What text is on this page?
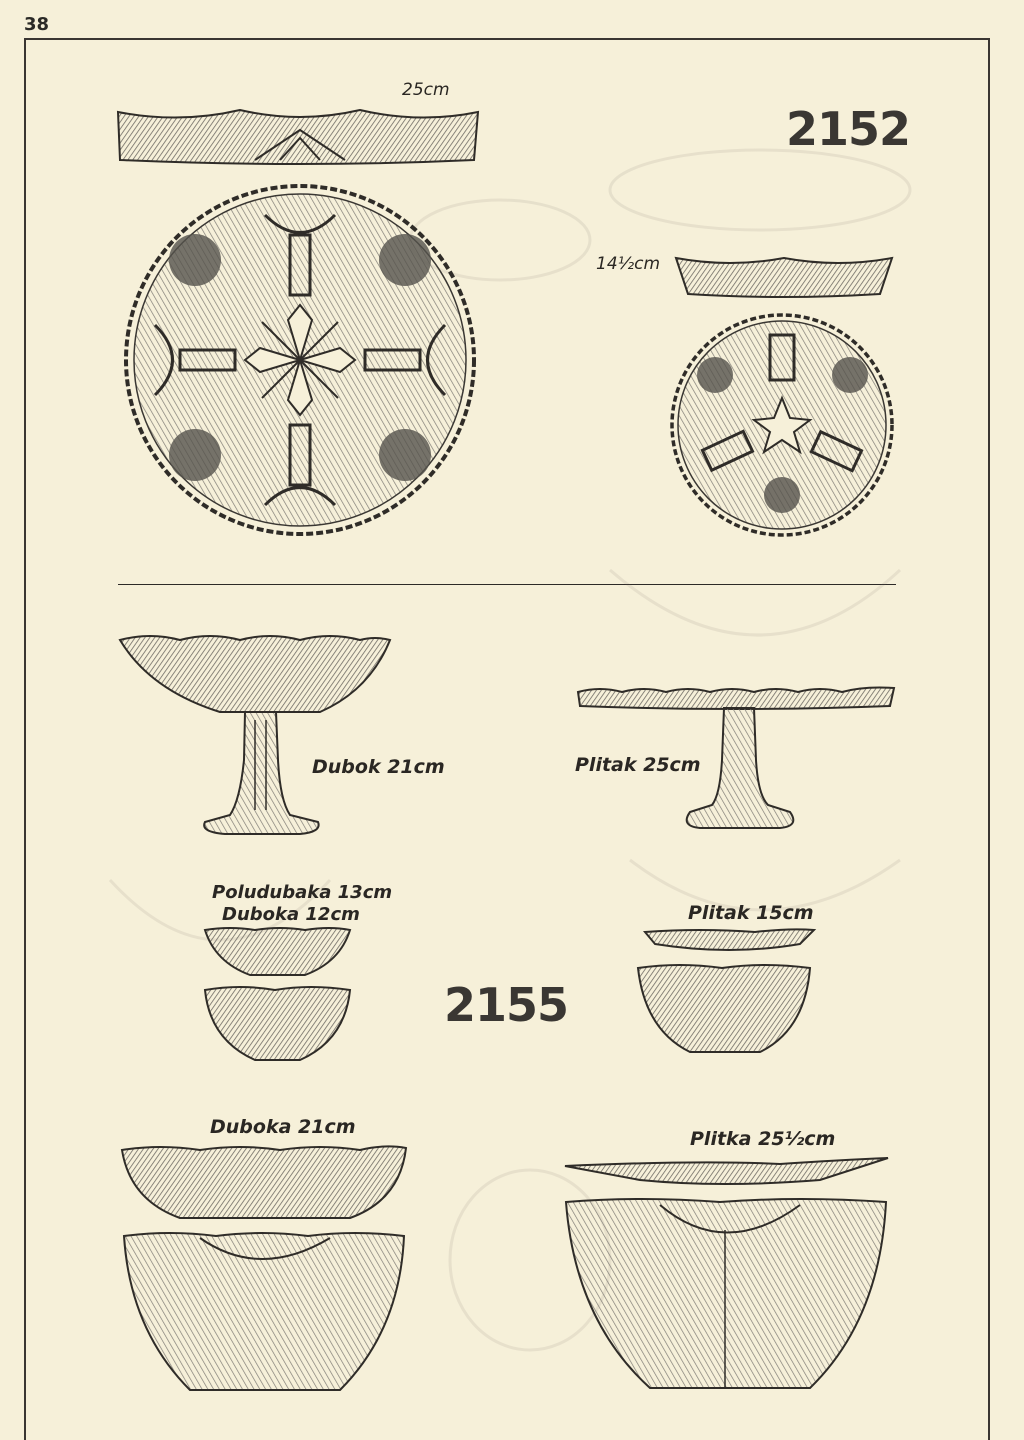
38
25cm
2152
14½cm
Dubok 21cm	Plitak 25cm
Poludubaka 13cm
Duboka 12cm	Plitak 15cm
2155
Duboka 21cm
Plitka 25½cm
